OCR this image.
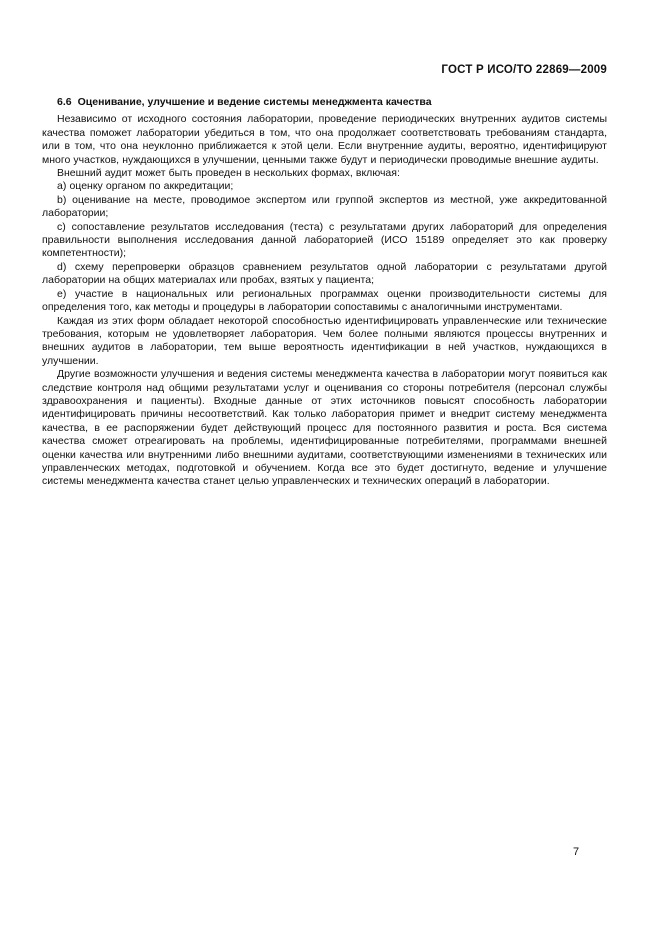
ГОСТ Р ИСО/ТО 22869—2009
6.6 Оценивание, улучшение и ведение системы менеджмента качества

Независимо от исходного состояния лаборатории, проведение периодических внутренних аудитов системы качества поможет лаборатории убедиться в том, что она продолжает соответствовать требованиям стандарта, или в том, что она неуклонно приближается к этой цели. Если внутренние аудиты, вероятно, идентифицируют много участков, нуждающихся в улучшении, ценными также будут и периодически проводимые внешние аудиты.

Внешний аудит может быть проведен в нескольких формах, включая:

a) оценку органом по аккредитации;

b) оценивание на месте, проводимое экспертом или группой экспертов из местной, уже аккредитованной лаборатории;

c) сопоставление результатов исследования (теста) с результатами других лабораторий для определения правильности выполнения исследования данной лабораторией (ИСО 15189 определяет это как проверку компетентности);

d) схему перепроверки образцов сравнением результатов одной лаборатории с результатами другой лаборатории на общих материалах или пробах, взятых у пациента;

e) участие в национальных или региональных программах оценки производительности системы для определения того, как методы и процедуры в лаборатории сопоставимы с аналогичными инструментами.

Каждая из этих форм обладает некоторой способностью идентифицировать управленческие или технические требования, которым не удовлетворяет лаборатория. Чем более полными являются процессы внутренних и внешних аудитов в лаборатории, тем выше вероятность идентификации в ней участков, нуждающихся в улучшении.

Другие возможности улучшения и ведения системы менеджмента качества в лаборатории могут появиться как следствие контроля над общими результатами услуг и оценивания со стороны потребителя (персонал службы здравоохранения и пациенты). Входные данные от этих источников повысят способность лаборатории идентифицировать причины несоответствий. Как только лаборатория примет и внедрит систему менеджмента качества, в ее распоряжении будет действующий процесс для постоянного развития и роста. Вся система качества сможет отреагировать на проблемы, идентифицированные потребителями, программами внешней оценки качества или внутренними либо внешними аудитами, соответствующими изменениями в технических или управленческих методах, подготовкой и обучением. Когда все это будет достигнуто, ведение и улучшение системы менеджмента качества станет целью управленческих и технических операций в лаборатории.

7
